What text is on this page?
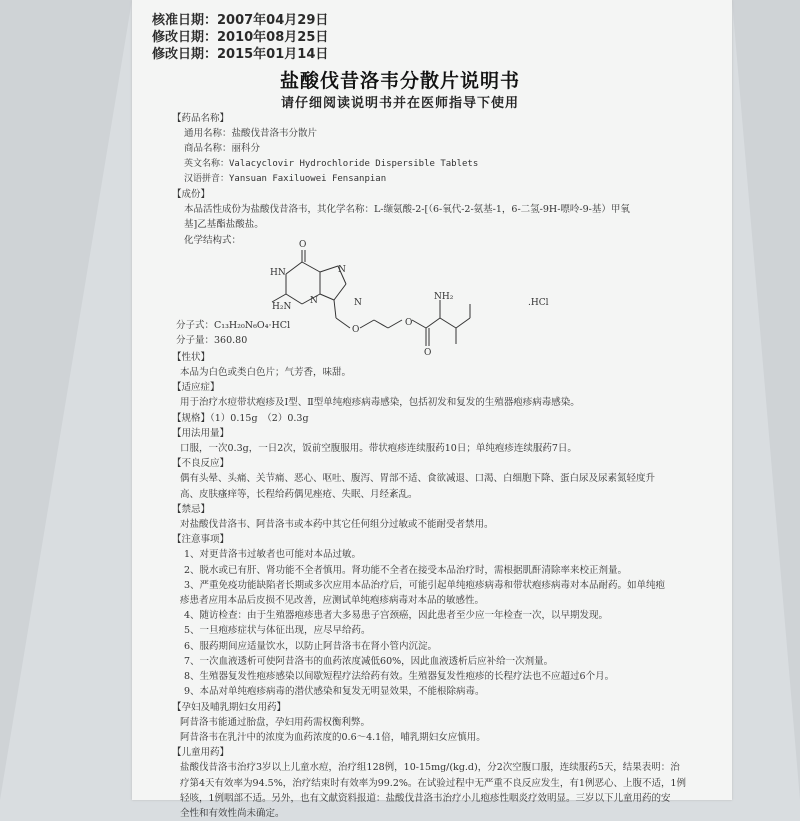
核准日期：2007年04月29日
修改日期：2010年08月25日
修改日期：2015年01月14日
盐酸伐昔洛韦分散片说明书
请仔细阅读说明书并在医师指导下使用
【药品名称】
通用名称：盐酸伐昔洛韦分散片
商品名称：丽科分
英文名称：Valacyclovir Hydrochloride Dispersible Tablets
汉语拼音：Yansuan Faxiluowei Fensanpian
【成份】
本品活性成份为盐酸伐昔洛韦，其化学名称：L-缬氨酸-2-[（6-氧代-2-氨基-1，6-二氢-9H-嘌呤-9-基）甲氧
基]乙基酯盐酸盐。
化学结构式：	O
HN	N
N	N
H₂N
O
O
O
NH₂
.HCl
分子式：C₁₃H₂₀N₆O₄·HCl
分子量：360.80
【性状】
本品为白色或类白色片；气芳香，味甜。
【适应症】
用于治疗水痘带状疱疹及Ⅰ型、Ⅱ型单纯疱疹病毒感染，包括初发和复发的生殖器疱疹病毒感染。
【规格】（1）0.15g　（2）0.3g
【用法用量】
口服，一次0.3g，一日2次，饭前空腹服用。带状疱疹连续服药10日；单纯疱疹连续服药7日。
【不良反应】
偶有头晕、头痛、关节痛、恶心、呕吐、腹泻、胃部不适、食欲减退、口渴、白细胞下降、蛋白尿及尿素氮轻度升
高、皮肤瘙痒等，长程给药偶见痤疮、失眠、月经紊乱。
【禁忌】
对盐酸伐昔洛韦、阿昔洛韦或本药中其它任何组分过敏或不能耐受者禁用。
【注意事项】
1、对更昔洛韦过敏者也可能对本品过敏。
2、脱水或已有肝、肾功能不全者慎用。肾功能不全者在接受本品治疗时，需根据肌酐清除率来校正剂量。
3、严重免疫功能缺陷者长期或多次应用本品治疗后，可能引起单纯疱疹病毒和带状疱疹病毒对本品耐药。如单纯疱
疹患者应用本品后皮损不见改善，应测试单纯疱疹病毒对本品的敏感性。
4、随访检查：由于生殖器疱疹患者大多易患子宫颈癌，因此患者至少应一年检查一次，以早期发现。
5、一旦疱疹症状与体征出现，应尽早给药。
6、服药期间应适量饮水，以防止阿昔洛韦在肾小管内沉淀。
7、一次血液透析可使阿昔洛韦的血药浓度减低60%，因此血液透析后应补给一次剂量。
8、生殖器复发性疱疹感染以间歇短程疗法给药有效。生殖器复发性疱疹的长程疗法也不应超过6个月。
9、本品对单纯疱疹病毒的潜伏感染和复发无明显效果，不能根除病毒。
【孕妇及哺乳期妇女用药】
阿昔洛韦能通过胎盘，孕妇用药需权衡利弊。
阿昔洛韦在乳汁中的浓度为血药浓度的0.6～4.1倍，哺乳期妇女应慎用。
【儿童用药】
盐酸伐昔洛韦治疗3岁以上儿童水痘，治疗组128例，10-15mg/(kg.d)，分2次空腹口服，连续服药5天，结果表明：治
疗第4天有效率为94.5%，治疗结束时有效率为99.2%。在试验过程中无严重不良反应发生，有1例恶心、上腹不适，1例
轻咳，1例咽部不适。另外，也有文献资料报道：盐酸伐昔洛韦治疗小儿疱疹性咽炎疗效明显。三岁以下儿童用药的安
全性和有效性尚未确定。
